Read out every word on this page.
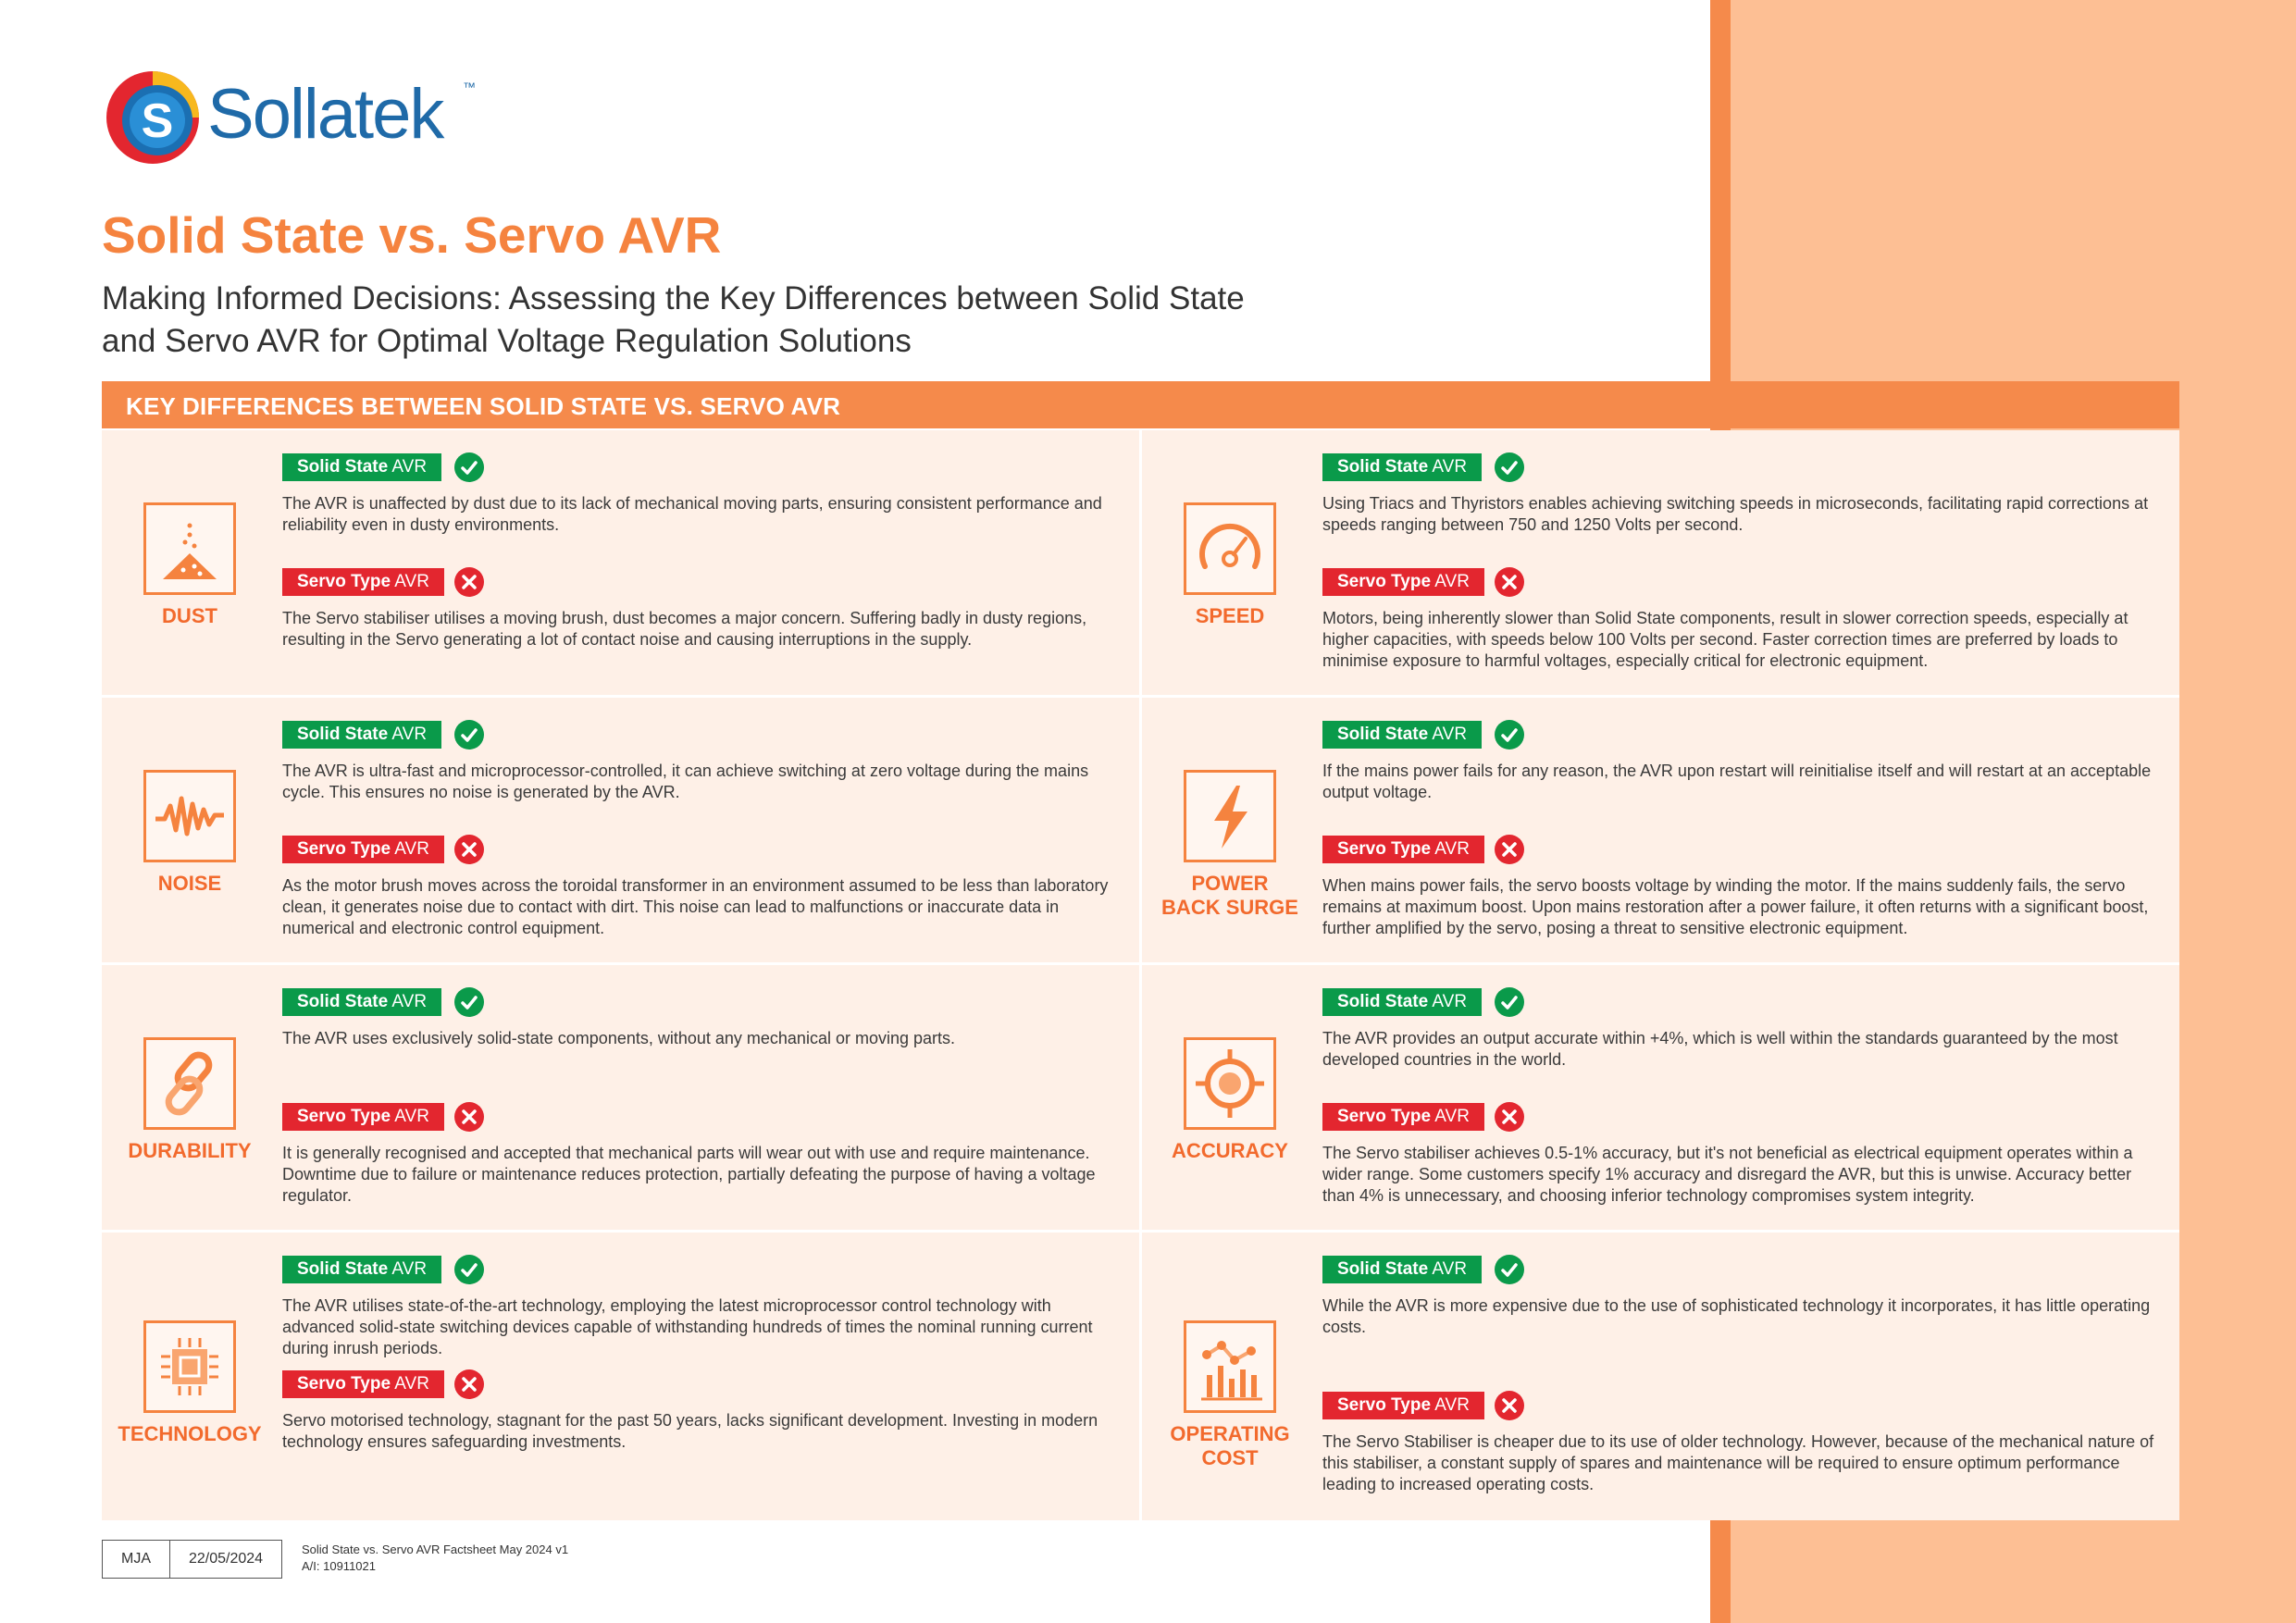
S Sollatek ™
Solid State vs. Servo AVR

Making Informed Decisions: Assessing the Key Differences between Solid State and Servo AVR for Optimal Voltage Regulation Solutions

KEY DIFFERENCES BETWEEN SOLID STATE VS. SERVO AVR
DUST
Solid State AVR
The AVR is unaffected by dust due to its lack of mechanical moving parts, ensuring consistent performance and reliability even in dusty environments.
Servo Type AVR
The Servo stabiliser utilises a moving brush, dust becomes a major concern. Suffering badly in dusty regions, resulting in the Servo generating a lot of contact noise and causing interruptions in the supply.
SPEED
Solid State AVR
Using Triacs and Thyristors enables achieving switching speeds in microseconds, facilitating rapid corrections at speeds ranging between 750 and 1250 Volts per second.
Servo Type AVR
Motors, being inherently slower than Solid State components, result in slower correction speeds, especially at higher capacities, with speeds below 100 Volts per second. Faster correction times are preferred by loads to minimise exposure to harmful voltages, especially critical for electronic equipment.
NOISE
Solid State AVR
The AVR is ultra-fast and microprocessor-controlled, it can achieve switching at zero voltage during the mains cycle. This ensures no noise is generated by the AVR.
Servo Type AVR
As the motor brush moves across the toroidal transformer in an environment assumed to be less than laboratory clean, it generates noise due to contact with dirt. This noise can lead to malfunctions or inaccurate data in numerical and electronic control equipment.
POWER BACK SURGE
Solid State AVR
If the mains power fails for any reason, the AVR upon restart will reinitialise itself and will restart at an acceptable output voltage.
Servo Type AVR
When mains power fails, the servo boosts voltage by winding the motor. If the mains suddenly fails, the servo remains at maximum boost. Upon mains restoration after a power failure, it often returns with a significant boost, further amplified by the servo, posing a threat to sensitive electronic equipment.
DURABILITY
Solid State AVR
The AVR uses exclusively solid-state components, without any mechanical or moving parts.
Servo Type AVR
It is generally recognised and accepted that mechanical parts will wear out with use and require maintenance. Downtime due to failure or maintenance reduces protection, partially defeating the purpose of having a voltage regulator.
ACCURACY
Solid State AVR
The AVR provides an output accurate within +4%, which is well within the standards guaranteed by the most developed countries in the world.
Servo Type AVR
The Servo stabiliser achieves 0.5-1% accuracy, but it's not beneficial as electrical equipment operates within a wider range. Some customers specify 1% accuracy and disregard the AVR, but this is unwise. Accuracy better than 4% is unnecessary, and choosing inferior technology compromises system integrity.
TECHNOLOGY
Solid State AVR
The AVR utilises state-of-the-art technology, employing the latest microprocessor control technology with advanced solid-state switching devices capable of withstanding hundreds of times the nominal running current during inrush periods.
Servo Type AVR
Servo motorised technology, stagnant for the past 50 years, lacks significant development. Investing in modern technology ensures safeguarding investments.	OPERATING COST
Solid State AVR
While the AVR is more expensive due to the use of sophisticated technology it incorporates, it has little operating costs.
Servo Type AVR
The Servo Stabiliser is cheaper due to its use of older technology. However, because of the mechanical nature of this stabiliser, a constant supply of spares and maintenance will be required to ensure optimum performance leading to increased operating costs.
MJA	22/05/2024
Solid State vs. Servo AVR Factsheet May 2024 v1
A/I: 10911021
